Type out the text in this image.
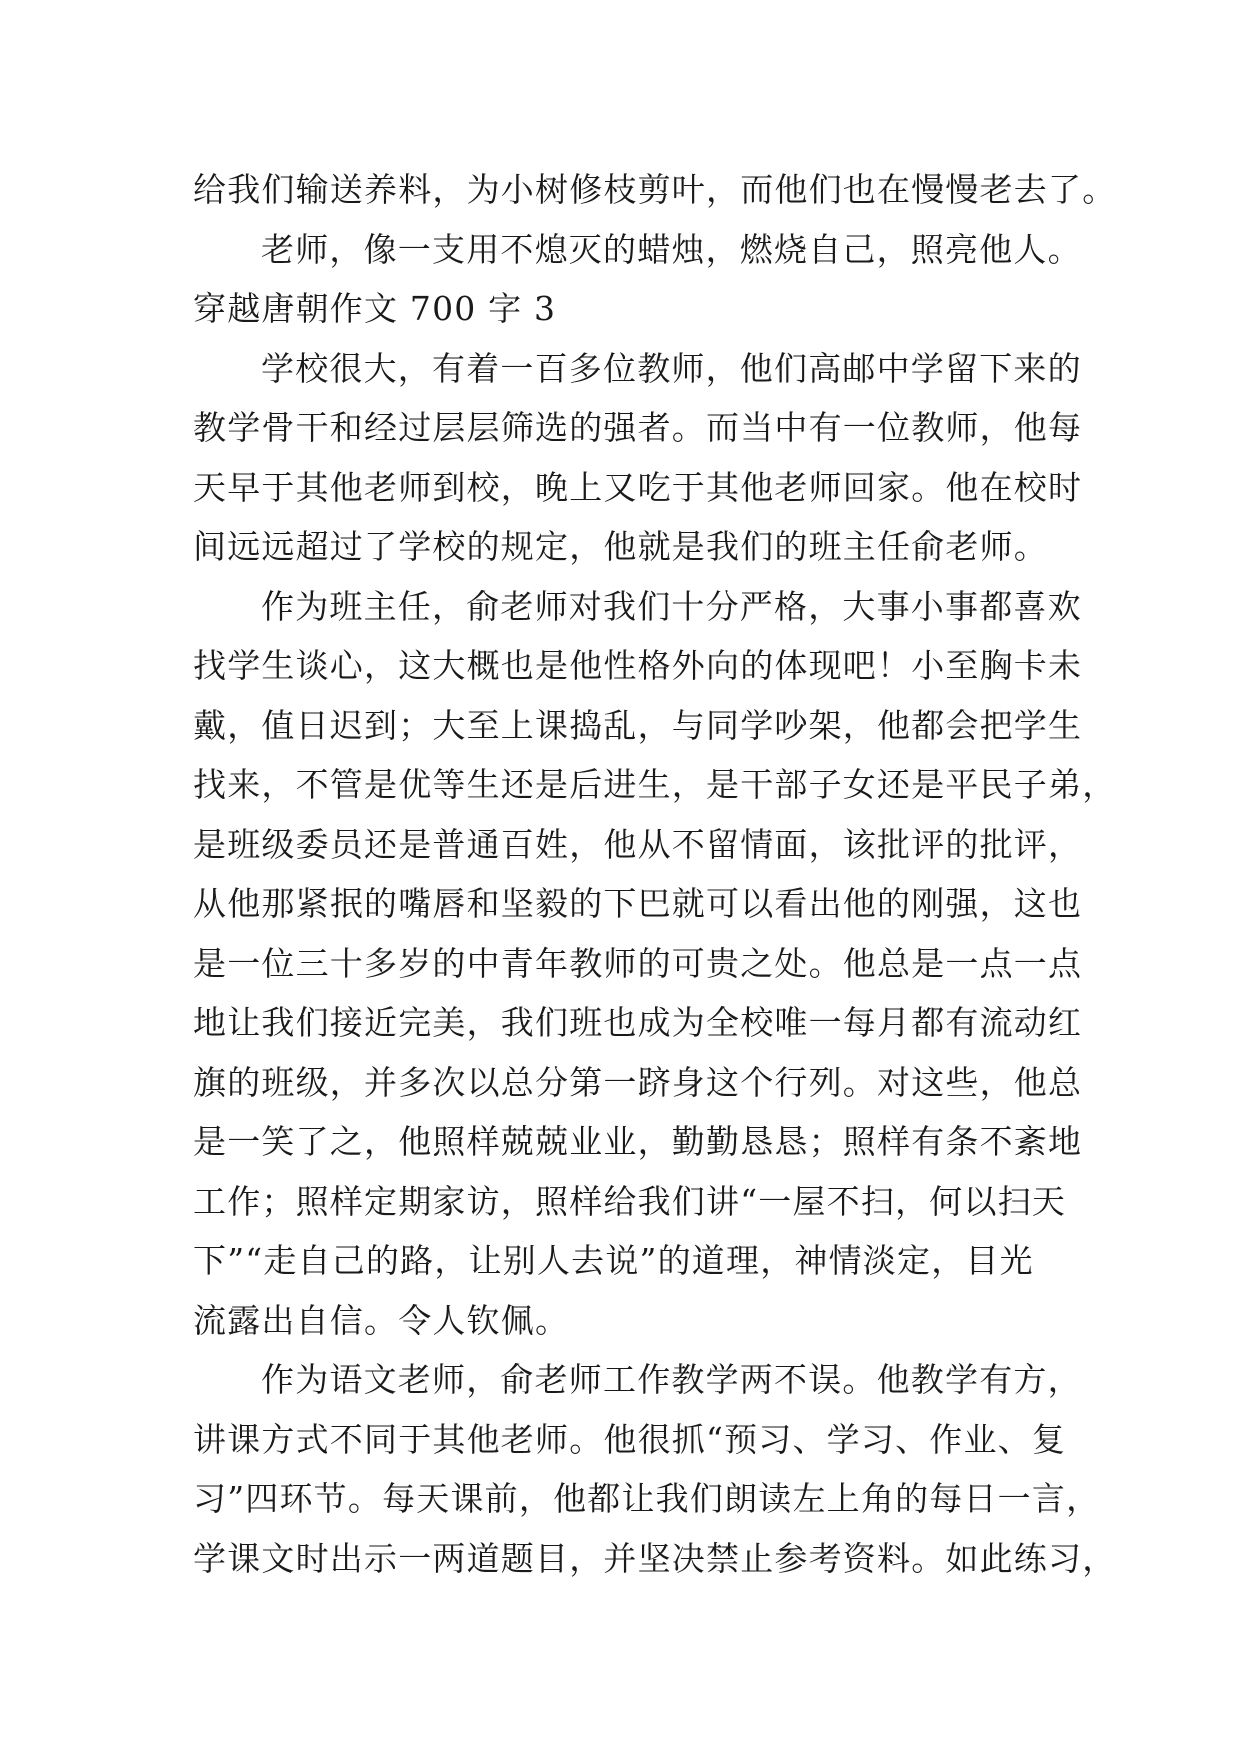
给我们输送养料，为小树修枝剪叶，而他们也在慢慢老去了。
老师，像一支用不熄灭的蜡烛，燃烧自己，照亮他人。
穿越唐朝作文 700 字 3
学校很大，有着一百多位教师，他们高邮中学留下来的
教学骨干和经过层层筛选的强者。而当中有一位教师，他每
天早于其他老师到校，晚上又吃于其他老师回家。他在校时
间远远超过了学校的规定，他就是我们的班主任俞老师。
作为班主任，俞老师对我们十分严格，大事小事都喜欢
找学生谈心，这大概也是他性格外向的体现吧！小至胸卡未
戴，值日迟到；大至上课捣乱，与同学吵架，他都会把学生
找来，不管是优等生还是后进生，是干部子女还是平民子弟，
是班级委员还是普通百姓，他从不留情面，该批评的批评，
从他那紧抿的嘴唇和坚毅的下巴就可以看出他的刚强，这也
是一位三十多岁的中青年教师的可贵之处。他总是一点一点
地让我们接近完美，我们班也成为全校唯一每月都有流动红
旗的班级，并多次以总分第一跻身这个行列。对这些，他总
是一笑了之，他照样兢兢业业，勤勤恳恳；照样有条不紊地
工作；照样定期家访，照样给我们讲“一屋不扫，何以扫天
下”“走自己的路，让别人去说”的道理，神情淡定，目光
流露出自信。令人钦佩。
作为语文老师，俞老师工作教学两不误。他教学有方，
讲课方式不同于其他老师。他很抓“预习、学习、作业、复
习”四环节。每天课前，他都让我们朗读左上角的每日一言，
学课文时出示一两道题目，并坚决禁止参考资料。如此练习，
